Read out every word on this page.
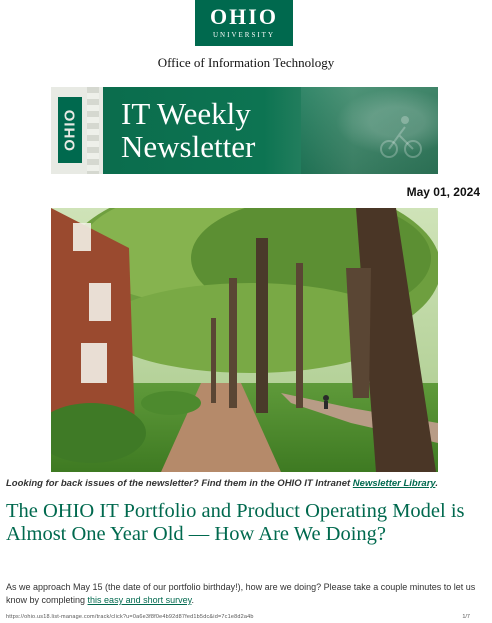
OHIO
UNIVERSITY
Office of Information Technology
OHIO IT Weekly
Newsletter
May 01, 2024
Looking for back issues of the newsletter? Find them in the OHIO IT Intranet Newsletter Library.
The OHIO IT Portfolio and Product Operating Model is Almost One Year Old — How Are We Doing?
As we approach May 15 (the date of our portfolio birthday!), how are we doing? Please take a couple minutes to let us know by completing this easy and short survey.
https://ohio.us18.list-manage.com/track/click?u=0a6e3f8f0e4b92d87fed1b5dc&id=7c1e8d2a4b	1/7
